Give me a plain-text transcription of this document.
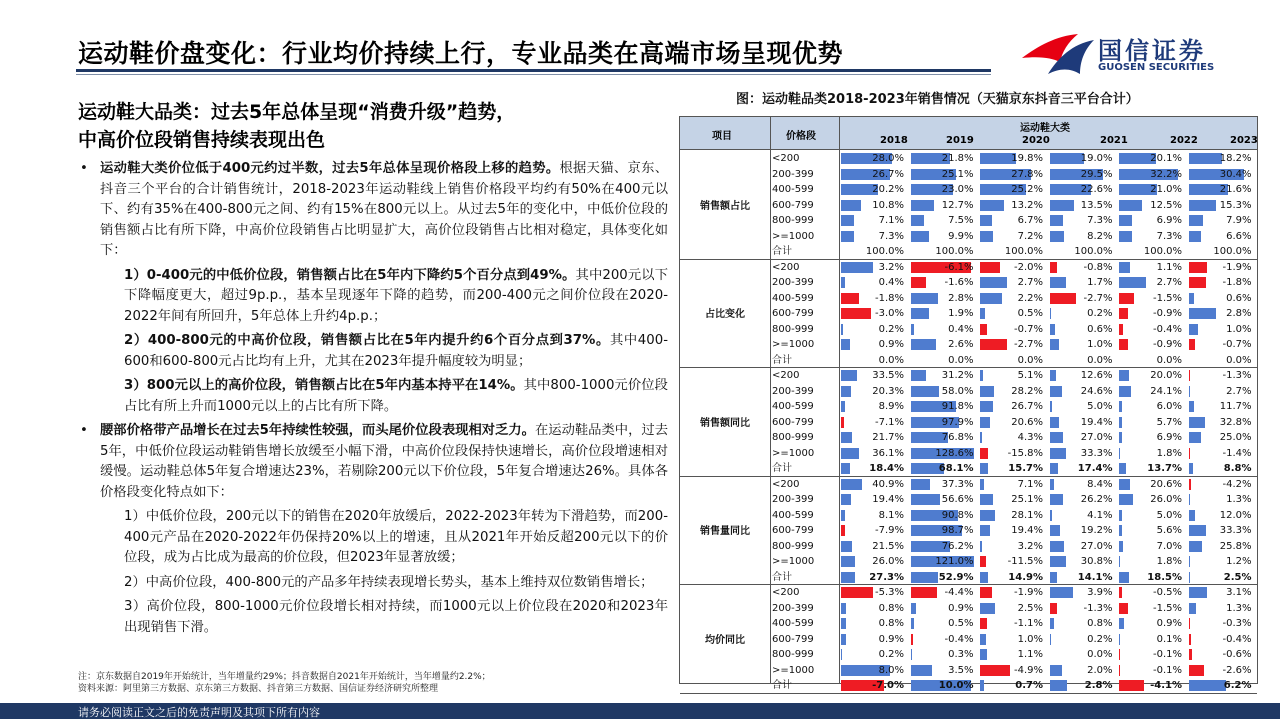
运动鞋价盘变化：行业均价持续上行，专业品类在高端市场呈现优势	国信证券
GUOSEN SECURITIES
运动鞋大品类：过去5年总体呈现“消费升级”趋势，
中高价位段销售持续表现出色
• 运动鞋大类价位低于400元约过半数，过去5年总体呈现价格段上移的趋势。根据天猫、京东、抖音三个平台的合计销售统计，2018-2023年运动鞋线上销售价格段平均约有50%在400元以下、约有35%在400-800元之间、约有15%在800元以上。从过去5年的变化中，中低价位段的销售额占比有所下降，中高价位段销售占比明显扩大，高价位段销售占比相对稳定，具体变化如下：
1）0-400元的中低价位段，销售额占比在5年内下降约5个百分点到49%。其中200元以下下降幅度更大，超过9p.p.，基本呈现逐年下降的趋势，而200-400元之间价位段在2020-2022年间有所回升，5年总体上升约4p.p.；
2）400-800元的中高价位段，销售额占比在5年内提升约6个百分点到37%。其中400-600和600-800元占比均有上升，尤其在2023年提升幅度较为明显；
3）800元以上的高价位段，销售额占比在5年内基本持平在14%。其中800-1000元价位段占比有所上升而1000元以上的占比有所下降。
• 腰部价格带产品增长在过去5年持续性较强，而头尾价位段表现相对乏力。在运动鞋品类中，过去5年，中低价位段运动鞋销售增长放缓至小幅下滑，中高价位段保持快速增长，高价位段增速相对缓慢。运动鞋总体5年复合增速达23%，若剔除200元以下价位段，5年复合增速达26%。具体各价格段变化特点如下：
1）中低价位段，200元以下的销售在2020年放缓后，2022-2023年转为下滑趋势，而200-400元产品在2020-2022年仍保持20%以上的增速，且从2021年开始反超200元以下的价位段，成为占比成为最高的价位段，但2023年显著放缓；
2）中高价位段，400-800元的产品多年持续表现增长势头，基本上维持双位数销售增长；
3）高价位段，800-1000元价位段增长相对持续，而1000元以上价位段在2020和2023年出现销售下滑。
注：京东数据自2019年开始统计，当年增量约29%；抖音数据自2021年开始统计，当年增量约2.2%；
资料来源：阿里第三方数据、京东第三方数据、抖音第三方数据、国信证券经济研究所整理
图：运动鞋品类2018-2023年销售情况（天猫京东抖音三平台合计）
项目	价格段
运动鞋大类
2018	2019	2020	2021	2022	2023
销售额占比
<200	28.0%	21.8%	19.8%	19.0%	20.1%	18.2%
200-399	26.7%	25.1%	27.8%	29.5%	32.2%	30.4%
400-599	20.2%	23.0%	25.2%	22.6%	21.0%	21.6%
600-799	10.8%	12.7%	13.2%	13.5%	12.5%	15.3%
800-999	7.1%	7.5%	6.7%	7.3%	6.9%	7.9%
>=1000	7.3%	9.9%	7.2%	8.2%	7.3%	6.6%
合计	100.0%	100.0%	100.0%	100.0%	100.0%	100.0%
占比变化
<200	3.2%	-6.1%	-2.0%	-0.8%	1.1%	-1.9%
200-399	0.4%	-1.6%	2.7%	1.7%	2.7%	-1.8%
400-599	-1.8%	2.8%	2.2%	-2.7%	-1.5%	0.6%
600-799	-3.0%	1.9%	0.5%	0.2%	-0.9%	2.8%
800-999	0.2%	0.4%	-0.7%	0.6%	-0.4%	1.0%
>=1000	0.9%	2.6%	-2.7%	1.0%	-0.9%	-0.7%
合计	0.0%	0.0%	0.0%	0.0%	0.0%	0.0%
销售额同比
<200	33.5%	31.2%	5.1%	12.6%	20.0%	-1.3%
200-399	20.3%	58.0%	28.2%	24.6%	24.1%	2.7%
400-599	8.9%	91.8%	26.7%	5.0%	6.0%	11.7%
600-799	-7.1%	97.9%	20.6%	19.4%	5.7%	32.8%
800-999	21.7%	76.8%	4.3%	27.0%	6.9%	25.0%
>=1000	36.1%	128.6%	-15.8%	33.3%	1.8%	-1.4%
合计	18.4%	68.1%	15.7%	17.4%	13.7%	8.8%
销售量同比
<200	40.9%	37.3%	7.1%	8.4%	20.6%	-4.2%
200-399	19.4%	56.6%	25.1%	26.2%	26.0%	1.3%
400-599	8.1%	90.8%	28.1%	4.1%	5.0%	12.0%
600-799	-7.9%	98.7%	19.4%	19.2%	5.6%	33.3%
800-999	21.5%	76.2%	3.2%	27.0%	7.0%	25.8%
>=1000	26.0%	121.0%	-11.5%	30.8%	1.8%	1.2%
合计	27.3%	52.9%	14.9%	14.1%	18.5%	2.5%
均价同比
<200	-5.3%	-4.4%	-1.9%	3.9%	-0.5%	3.1%
200-399	0.8%	0.9%	2.5%	-1.3%	-1.5%	1.3%
400-599	0.8%	0.5%	-1.1%	0.8%	0.9%	-0.3%
600-799	0.9%	-0.4%	1.0%	0.2%	0.1%	-0.4%
800-999	0.2%	0.3%	1.1%	0.0%	-0.1%	-0.6%
>=1000	8.0%	3.5%	-4.9%	2.0%	-0.1%	-2.6%
合计	-7.0%	10.0%	0.7%	2.8%	-4.1%	6.2%
请务必阅读正文之后的免责声明及其项下所有内容
